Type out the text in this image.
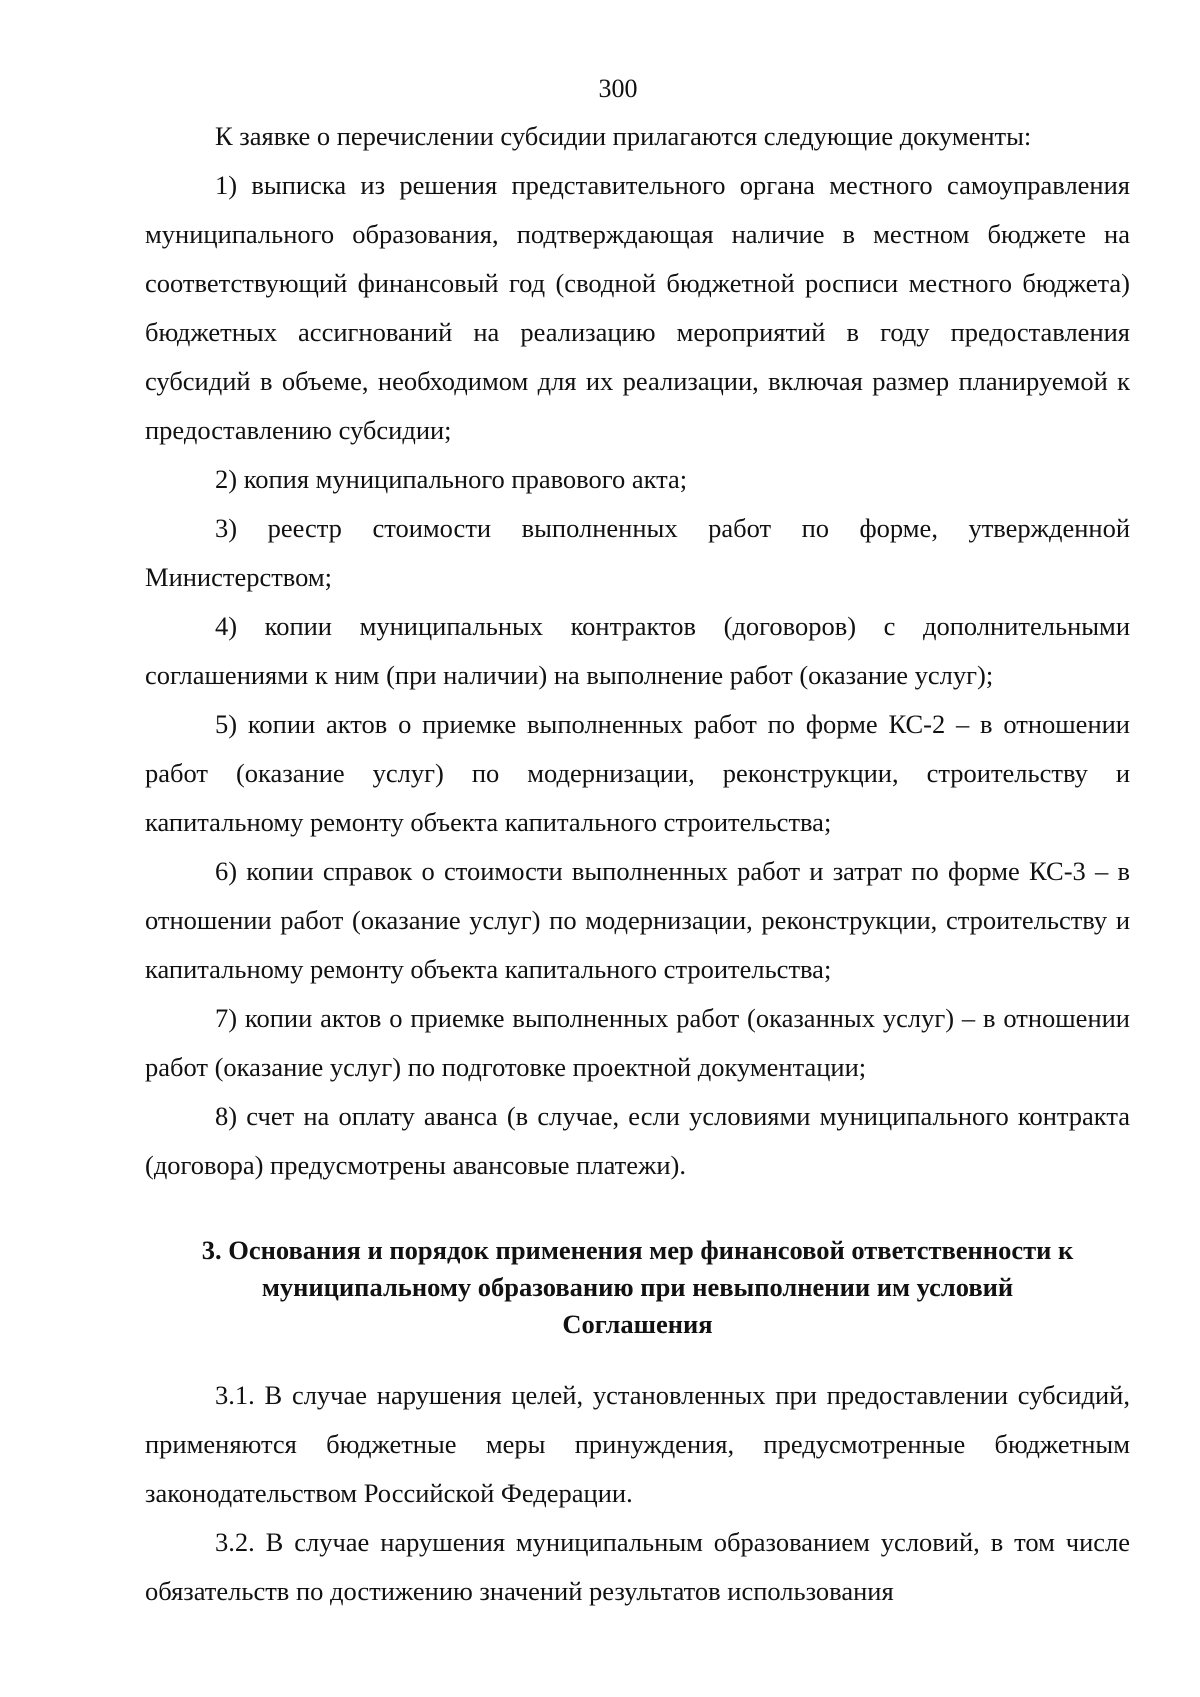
300

К заявке о перечислении субсидии прилагаются следующие документы:

1) выписка из решения представительного органа местного самоуправления муниципального образования, подтверждающая наличие в местном бюджете на соответствующий финансовый год (сводной бюджетной росписи местного бюджета) бюджетных ассигнований на реализацию мероприятий в году предоставления субсидий в объеме, необходимом для их реализации, включая размер планируемой к предоставлению субсидии;

2) копия муниципального правового акта;

3) реестр стоимости выполненных работ по форме, утвержденной Министерством;

4) копии муниципальных контрактов (договоров) с дополнительными соглашениями к ним (при наличии) на выполнение работ (оказание услуг);

5) копии актов о приемке выполненных работ по форме КС-2 – в отношении работ (оказание услуг) по модернизации, реконструкции, строительству и капитальному ремонту объекта капитального строительства;

6) копии справок о стоимости выполненных работ и затрат по форме КС-3 – в отношении работ (оказание услуг) по модернизации, реконструкции, строительству и капитальному ремонту объекта капитального строительства;

7) копии актов о приемке выполненных работ (оказанных услуг) – в отношении работ (оказание услуг) по подготовке проектной документации;

8) счет на оплату аванса (в случае, если условиями муниципального контракта (договора) предусмотрены авансовые платежи).

3. Основания и порядок применения мер финансовой ответственности к
муниципальному образованию при невыполнении им условий
Соглашения

3.1. В случае нарушения целей, установленных при предоставлении субсидий, применяются бюджетные меры принуждения, предусмотренные бюджетным законодательством Российской Федерации.

3.2. В случае нарушения муниципальным образованием условий, в том числе обязательств по достижению значений результатов использования
